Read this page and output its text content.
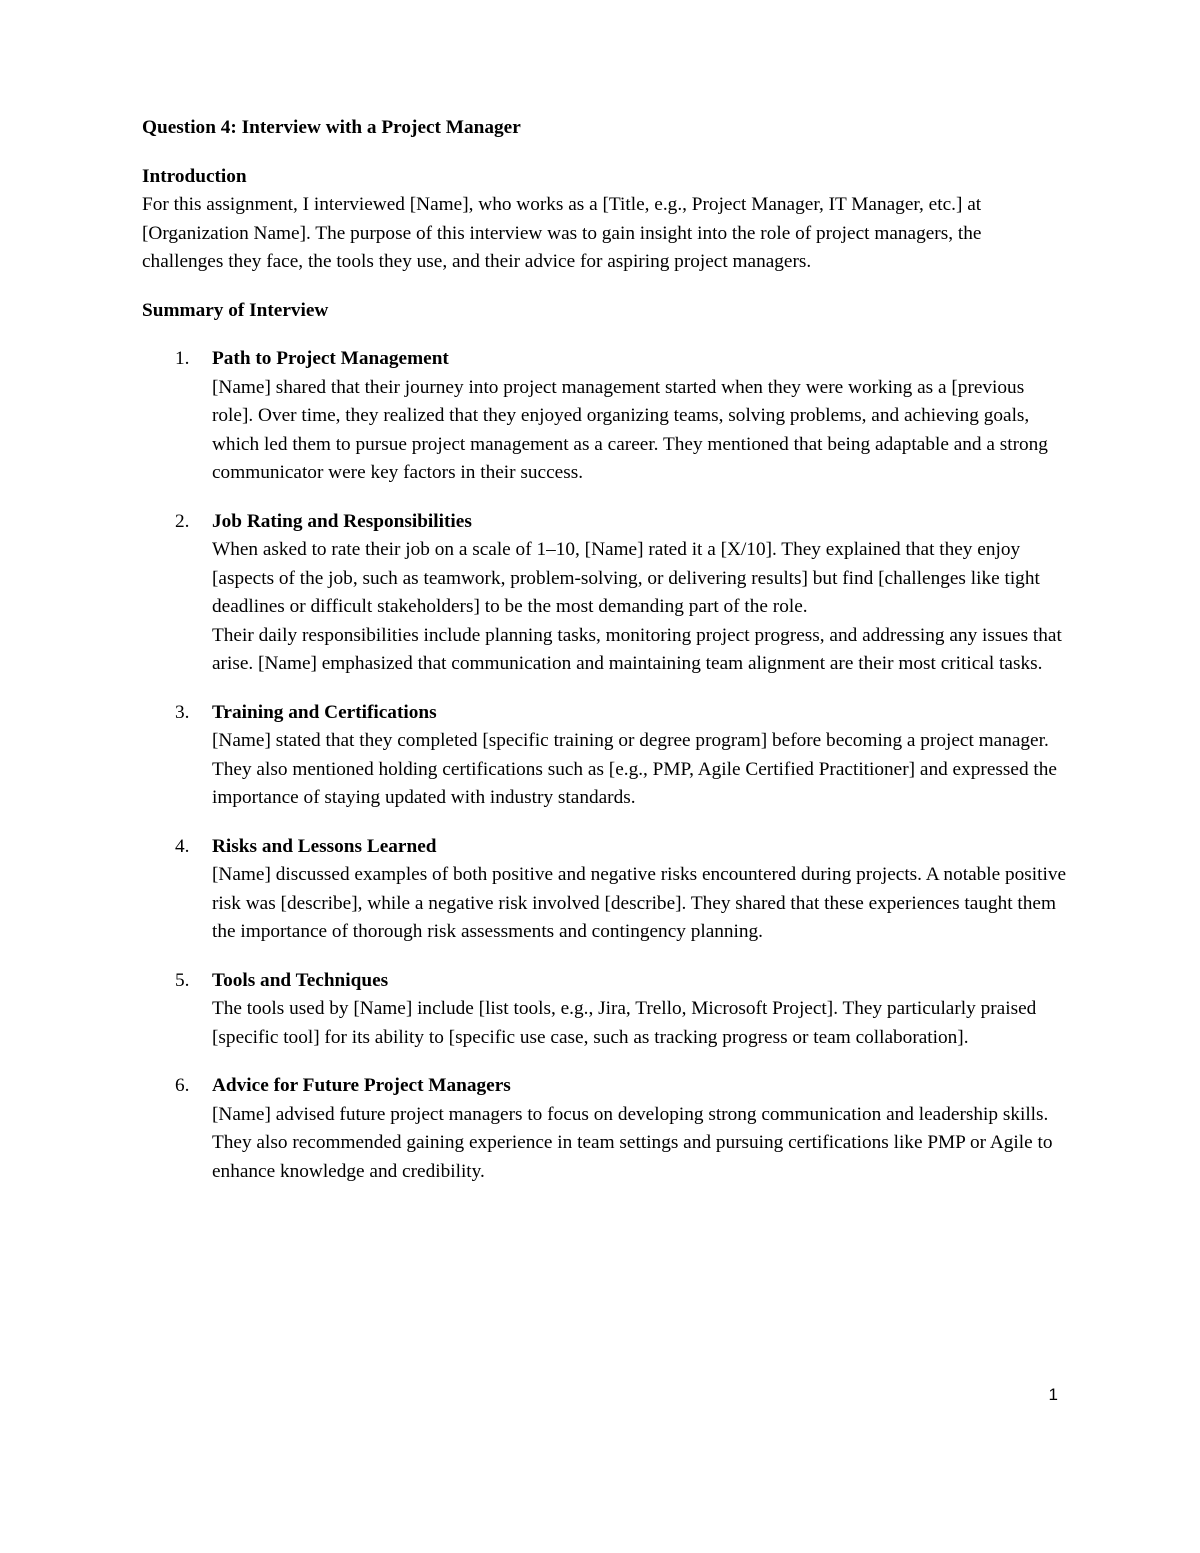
Question 4: Interview with a Project Manager

Introduction

For this assignment, I interviewed [Name], who works as a [Title, e.g., Project Manager, IT Manager, etc.] at [Organization Name]. The purpose of this interview was to gain insight into the role of project managers, the challenges they face, the tools they use, and their advice for aspiring project managers.

Summary of Interview

1. Path to Project Management

[Name] shared that their journey into project management started when they were working as a [previous role]. Over time, they realized that they enjoyed organizing teams, solving problems, and achieving goals, which led them to pursue project management as a career. They mentioned that being adaptable and a strong communicator were key factors in their success.

2. Job Rating and Responsibilities

When asked to rate their job on a scale of 1–10, [Name] rated it a [X/10]. They explained that they enjoy [aspects of the job, such as teamwork, problem-solving, or delivering results] but find [challenges like tight deadlines or difficult stakeholders] to be the most demanding part of the role.

Their daily responsibilities include planning tasks, monitoring project progress, and addressing any issues that arise. [Name] emphasized that communication and maintaining team alignment are their most critical tasks.

3. Training and Certifications

[Name] stated that they completed [specific training or degree program] before becoming a project manager. They also mentioned holding certifications such as [e.g., PMP, Agile Certified Practitioner] and expressed the importance of staying updated with industry standards.

4. Risks and Lessons Learned

[Name] discussed examples of both positive and negative risks encountered during projects. A notable positive risk was [describe], while a negative risk involved [describe]. They shared that these experiences taught them the importance of thorough risk assessments and contingency planning.

5. Tools and Techniques

The tools used by [Name] include [list tools, e.g., Jira, Trello, Microsoft Project]. They particularly praised [specific tool] for its ability to [specific use case, such as tracking progress or team collaboration].

6. Advice for Future Project Managers

[Name] advised future project managers to focus on developing strong communication and leadership skills. They also recommended gaining experience in team settings and pursuing certifications like PMP or Agile to enhance knowledge and credibility.

1
